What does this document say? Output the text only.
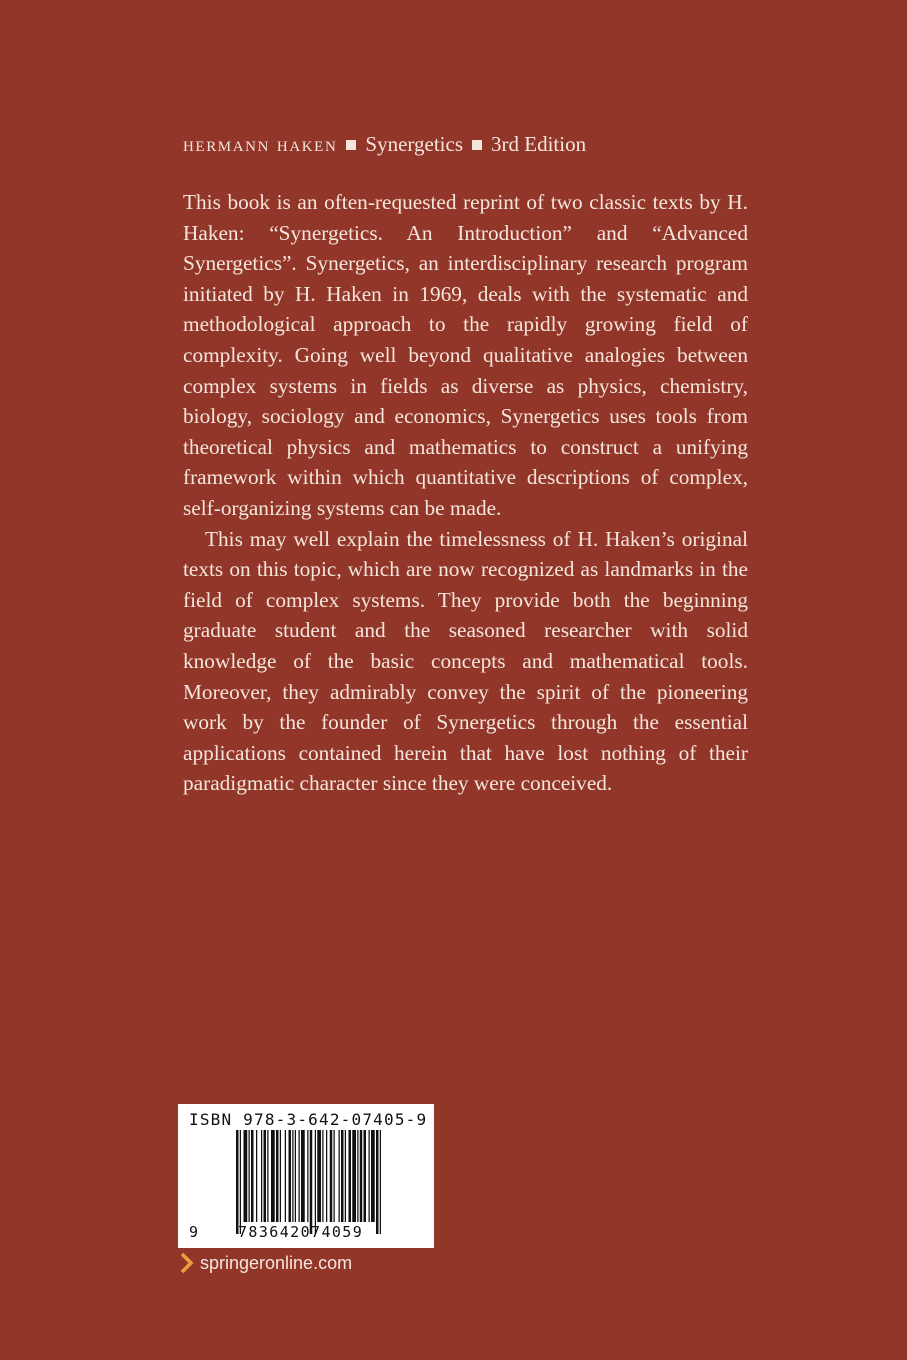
hermann haken Synergetics 3rd Edition

This book is an often-requested reprint of two classic texts by H. Haken: “Synergetics. An Introduction” and “Advanced Synergetics”. Synergetics, an interdisciplinary research program initiated by H. Haken in 1969, deals with the systematic and methodological approach to the rapidly growing field of complexity. Going well beyond qualitative analogies between complex systems in fields as diverse as physics, chemistry, biology, sociology and economics, Synergetics uses tools from theoretical physics and mathematics to construct a unifying framework within which quantitative descriptions of complex, self-organizing systems can be made.

This may well explain the timelessness of H. Haken’s original texts on this topic, which are now recognized as landmarks in the field of complex systems. They provide both the beginning graduate student and the seasoned researcher with solid knowledge of the basic concepts and mathematical tools. Moreover, they admirably convey the spirit of the pioneering work by the founder of Synergetics through the essential applications contained herein that have lost nothing of their paradigmatic character since they were conceived.

ISBN 978-3-642-07405-9
9	783642074059
springeronline.com
